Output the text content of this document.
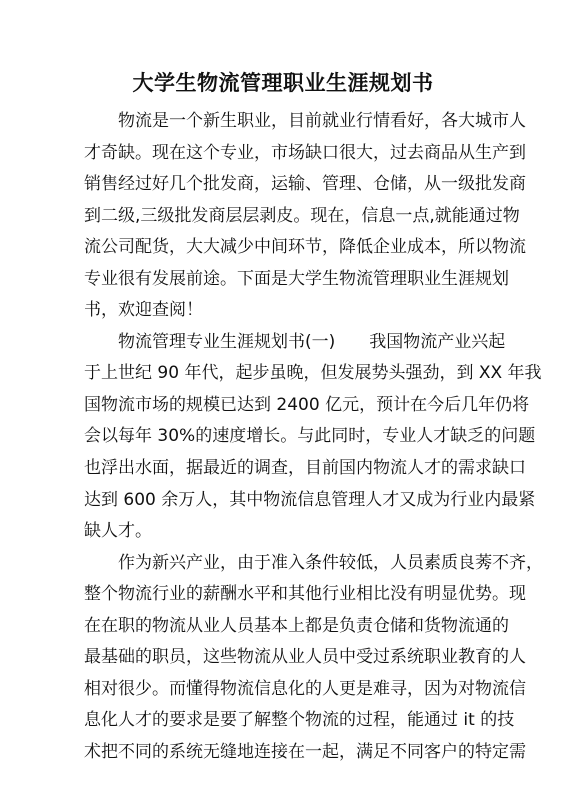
大学生物流管理职业生涯规划书
物流是一个新生职业，目前就业行情看好，各大城市人
才奇缺。现在这个专业，市场缺口很大，过去商品从生产到
销售经过好几个批发商，运输、管理、仓储，从一级批发商
到二级,三级批发商层层剥皮。现在，信息一点,就能通过物
流公司配货，大大减少中间环节，降低企业成本，所以物流
专业很有发展前途。下面是大学生物流管理职业生涯规划
书，欢迎查阅！
物流管理专业生涯规划书(一)　　我国物流产业兴起
于上世纪 90 年代，起步虽晚，但发展势头强劲，到 XX 年我
国物流市场的规模已达到 2400 亿元，预计在今后几年仍将
会以每年 30%的速度增长。与此同时，专业人才缺乏的问题
也浮出水面，据最近的调查，目前国内物流人才的需求缺口
达到 600 余万人，其中物流信息管理人才又成为行业内最紧
缺人才。
作为新兴产业，由于准入条件较低，人员素质良莠不齐，
整个物流行业的薪酬水平和其他行业相比没有明显优势。现
在在职的物流从业人员基本上都是负责仓储和货物流通的
最基础的职员，这些物流从业人员中受过系统职业教育的人
相对很少。而懂得物流信息化的人更是难寻，因为对物流信
息化人才的要求是要了解整个物流的过程，能通过 it 的技
术把不同的系统无缝地连接在一起，满足不同客户的特定需
